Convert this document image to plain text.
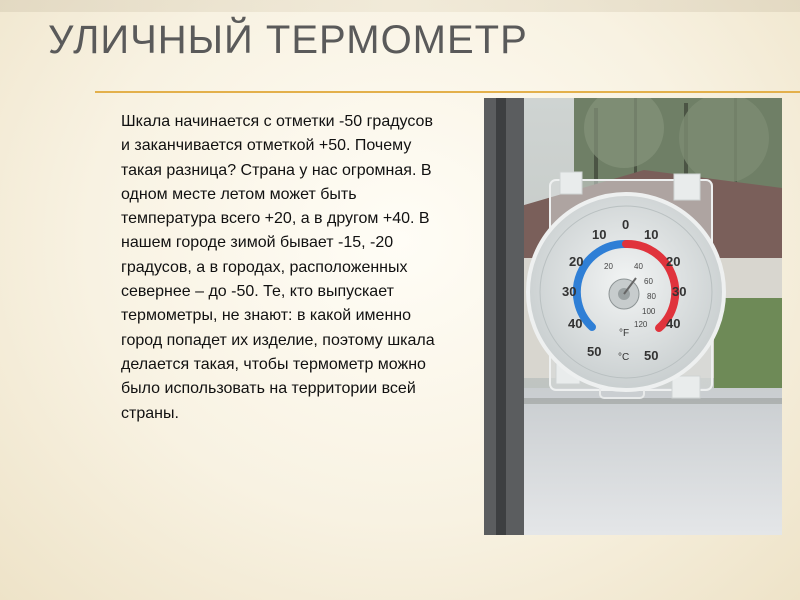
УЛИЧНЫЙ ТЕРМОМЕТР
Шкала начинается с отметки -50 градусов и заканчивается отметкой +50. Почему такая разница? Страна у нас огромная. В одном месте летом может быть температура всего +20, а в другом +40. В нашем городе зимой бывает -15, -20 градусов, а в городах, расположенных севернее – до -50. Те, кто выпускает термометры, не знают: в какой именно город попадет их изделие, поэтому шкала делается такая, чтобы термометр можно было использовать на территории всей страны.
0
10
20
30
40
50
10
20
30
40
50
20	40
60
80
100
120
°F
°C
